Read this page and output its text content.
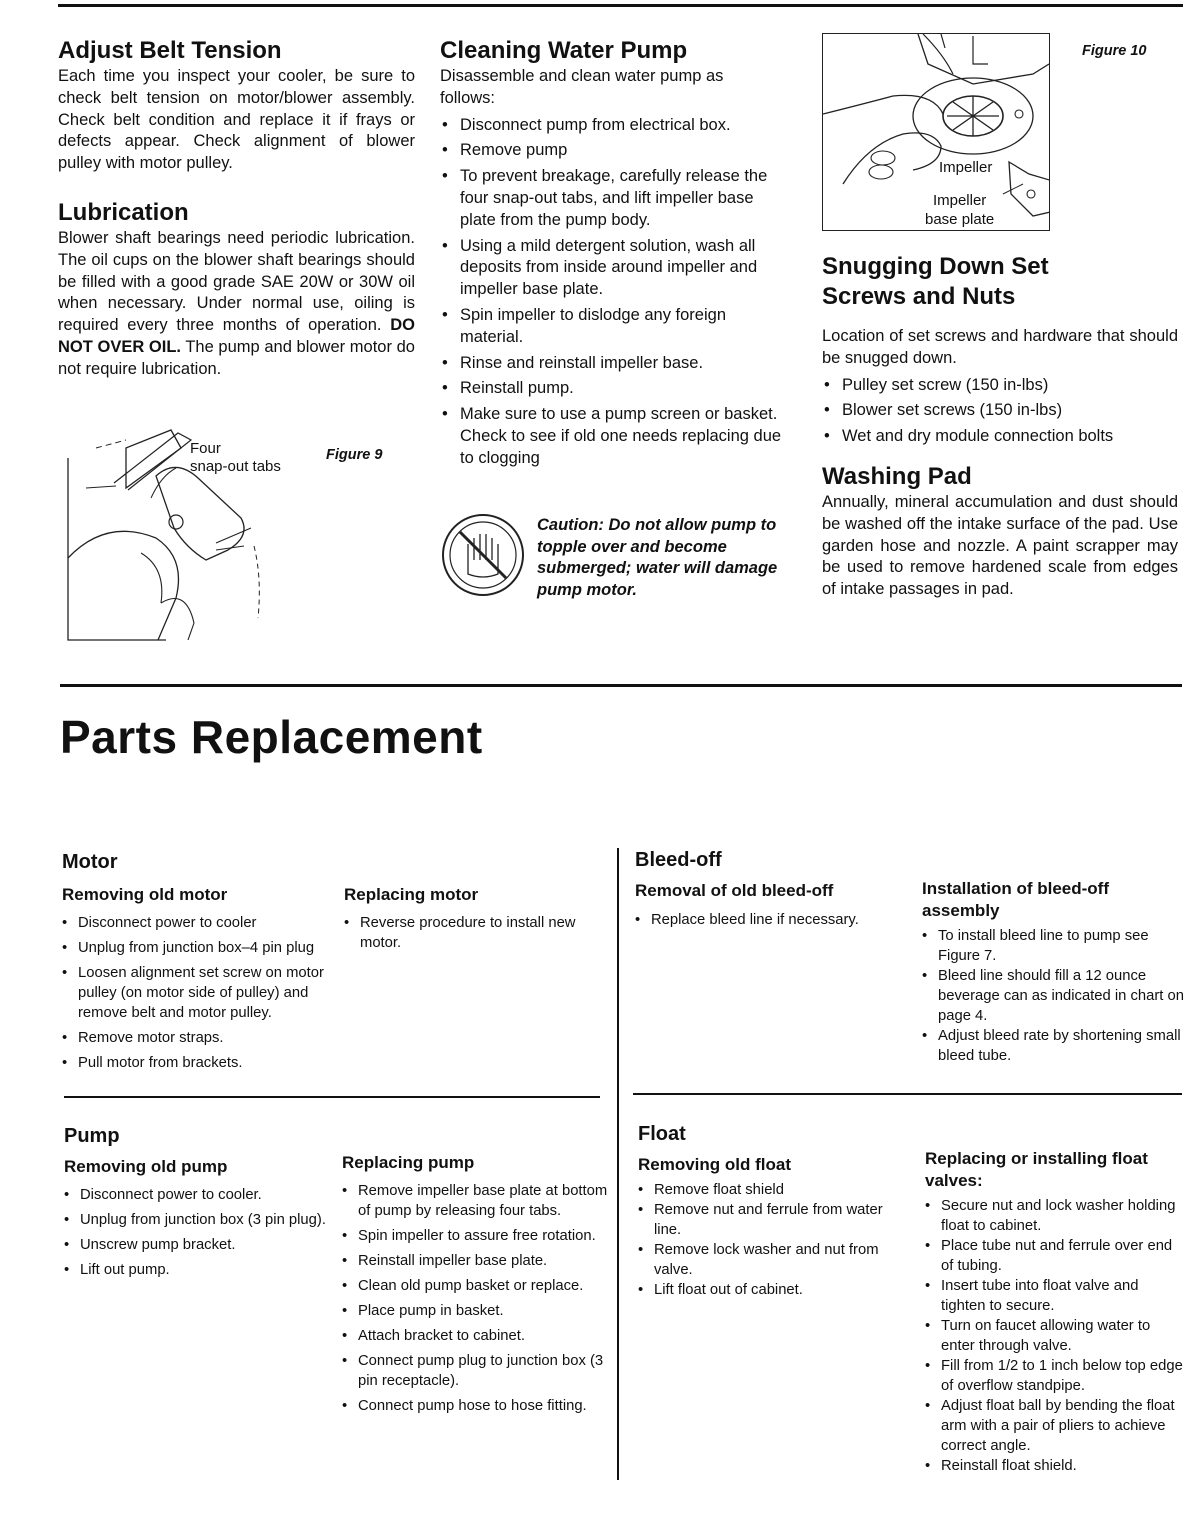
Adjust Belt Tension

Each time you inspect your cooler, be sure to check belt tension on motor/blower assembly. Check belt condition and replace it if frays or defects appear. Check alignment of blower pulley with motor pulley.

Lubrication

Blower shaft bearings need periodic lubrication. The oil cups on the blower shaft bearings should be filled with a good grade SAE 20W or 30W oil when necessary. Under normal use, oiling is required every three months of operation. DO NOT OVER OIL. The pump and blower motor do not require lubrication.

Four
snap-out tabs
Figure 9
Cleaning Water Pump

Disassemble and clean water pump as follows:

• Disconnect pump from electrical box.
• Remove pump
• To prevent breakage, carefully release the four snap-out tabs, and lift impeller base plate from the pump body.
• Using a mild detergent solution, wash all deposits from inside around impeller and impeller base plate.
• Spin impeller to dislodge any foreign material.
• Rinse and reinstall impeller base.
• Reinstall pump.
• Make sure to use a pump screen or basket. Check to see if old one needs replacing due to clogging
Caution: Do not allow pump to topple over and become submerged; water will damage pump motor.
Impeller
Impeller
base plate
Figure 10
Snugging Down Set
Screws and Nuts

Location of set screws and hardware that should be snugged down.

• Pulley set screw (150 in-lbs)
• Blower set screws (150 in-lbs)
• Wet and dry module connection bolts
Washing Pad

Annually, mineral accumulation and dust should be washed off the intake surface of the pad. Use garden hose and nozzle. A paint scrapper may be used to remove hardened scale from edges of intake passages in pad.

Parts Replacement
Motor
Removing old motor
• Disconnect power to cooler
• Unplug from junction box–4 pin plug
• Loosen alignment set screw on motor pulley (on motor side of pulley) and remove belt and motor pulley.
• Remove motor straps.
• Pull motor from brackets.
Replacing motor
• Reverse procedure to install new motor.
Bleed-off
Removal of old bleed-off
• Replace bleed line if necessary.
Installation of bleed-off assembly
• To install bleed line to pump see Figure 7.
• Bleed line should fill a 12 ounce beverage can as indicated in chart on page 4.
• Adjust bleed rate by shortening small bleed tube.
Pump
Removing old pump
• Disconnect power to cooler.
• Unplug from junction box (3 pin plug).
• Unscrew pump bracket.
• Lift out pump.
Replacing pump
• Remove impeller base plate at bottom of pump by releasing four tabs.
• Spin impeller to assure free rotation.
• Reinstall impeller base plate.
• Clean old pump basket or replace.
• Place pump in basket.
• Attach bracket to cabinet.
• Connect pump plug to junction box (3 pin receptacle).
• Connect pump hose to hose fitting.
Float
Removing old float
• Remove float shield
• Remove nut and ferrule from water line.
• Remove lock washer and nut from valve.
• Lift float out of cabinet.
Replacing or installing float valves:
• Secure nut and lock washer holding float to cabinet.
• Place tube nut and ferrule over end of tubing.
• Insert tube into float valve and tighten to secure.
• Turn on faucet allowing water to enter through valve.
• Fill from 1/2 to 1 inch below top edge of overflow standpipe.
• Adjust float ball by bending the float arm with a pair of pliers to achieve correct angle.
• Reinstall float shield.
